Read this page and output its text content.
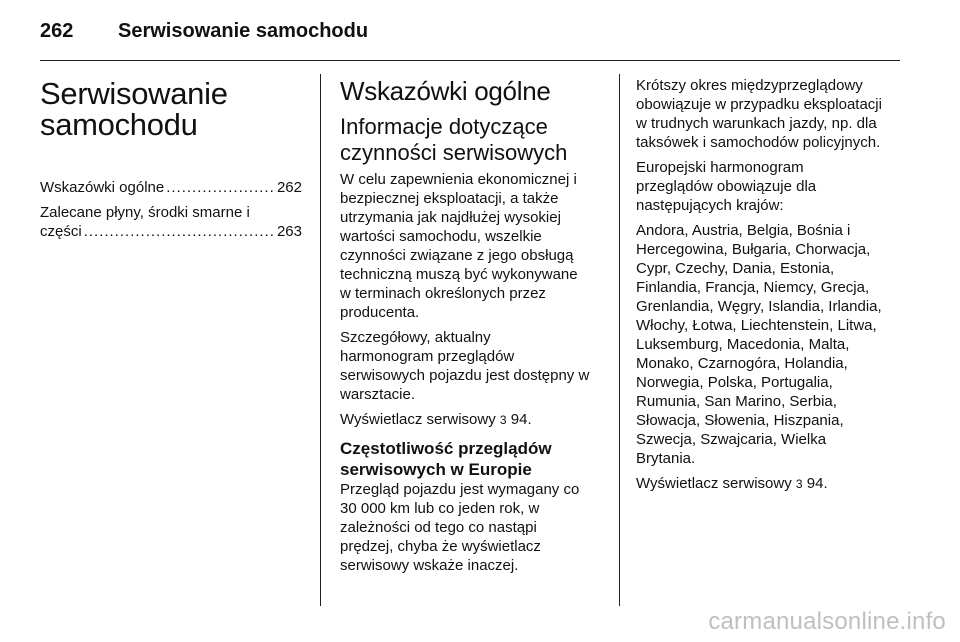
262 Serwisowanie samochodu
Serwisowanie
samochodu
Wskazówki ogólne .....	262
Zalecane płyny, środki smarne i
części .....	263
Wskazówki ogólne
Informacje dotyczące
czynności serwisowych

W celu zapewnienia ekonomicznej i
bezpiecznej eksploatacji, a także
utrzymania jak najdłużej wysokiej
wartości samochodu, wszelkie
czynności związane z jego obsługą
techniczną muszą być wykonywane
w terminach określonych przez
producenta.

Szczegółowy, aktualny
harmonogram przeglądów
serwisowych pojazdu jest dostępny w
warsztacie.

Wyświetlacz serwisowy 3 94.

Częstotliwość przeglądów
serwisowych w Europie

Przegląd pojazdu jest wymagany co
30 000 km lub co jeden rok, w
zależności od tego co nastąpi
prędzej, chyba że wyświetlacz
serwisowy wskaże inaczej.

Krótszy okres międzyprzeglądowy
obowiązuje w przypadku eksploatacji
w trudnych warunkach jazdy, np. dla
taksówek i samochodów policyjnych.

Europejski harmonogram
przeglądów obowiązuje dla
następujących krajów:

Andora, Austria, Belgia, Bośnia i
Hercegowina, Bułgaria, Chorwacja,
Cypr, Czechy, Dania, Estonia,
Finlandia, Francja, Niemcy, Grecja,
Grenlandia, Węgry, Islandia, Irlandia,
Włochy, Łotwa, Liechtenstein, Litwa,
Luksemburg, Macedonia, Malta,
Monako, Czarnogóra, Holandia,
Norwegia, Polska, Portugalia,
Rumunia, San Marino, Serbia,
Słowacja, Słowenia, Hiszpania,
Szwecja, Szwajcaria, Wielka
Brytania.

Wyświetlacz serwisowy 3 94.

carmanualsonline.info
